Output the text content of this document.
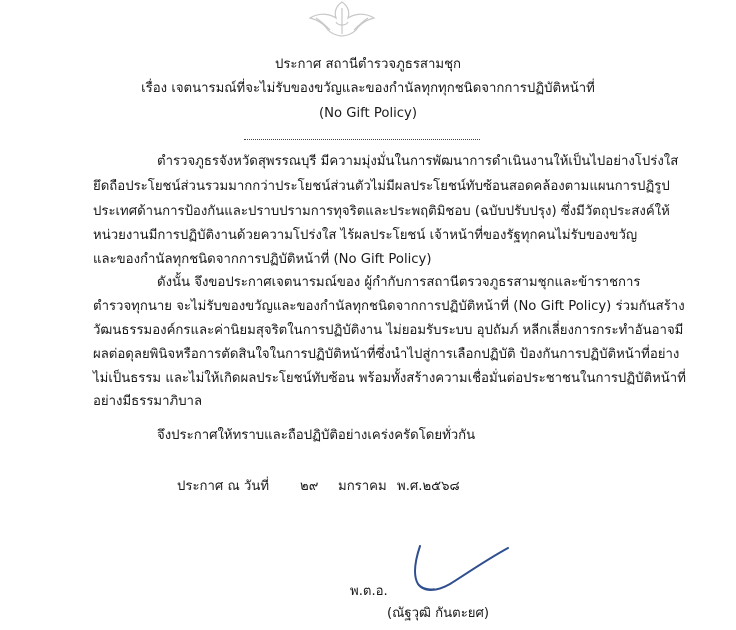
ประกาศ สถานีตำรวจภูธรสามชุก
เรื่อง เจตนารมณ์ที่จะไม่รับของขวัญและของกำนัลทุกทุกชนิดจากการปฏิบัติหน้าที่
(No Gift Policy)
ตำรวจภูธรจังหวัดสุพรรณบุรี มีความมุ่งมั่นในการพัฒนาการดำเนินงานให้เป็นไปอย่างโปร่งใส
ยึดถือประโยชน์ส่วนรวมมากกว่าประโยชน์ส่วนตัวไม่มีผลประโยชน์ทับซ้อนสอดคล้องตามแผนการปฏิรูป
ประเทศด้านการป้องกันและปราบปรามการทุจริตและประพฤติมิชอบ (ฉบับปรับปรุง) ซึ่งมีวัตถุประสงค์ให้
หน่วยงานมีการปฏิบัติงานด้วยความโปร่งใส ไร้ผลประโยชน์ เจ้าหน้าที่ของรัฐทุกคนไม่รับของขวัญ
และของกำนัลทุกชนิดจากการปฏิบัติหน้าที่ (No Gift Policy)
ดังนั้น จึงขอประกาศเจตนารมณ์ของ ผู้กำกับการสถานีตรวจภูธรสามชุกและข้าราชการ
ตำรวจทุกนาย จะไม่รับของขวัญและของกำนัลทุกชนิดจากการปฏิบัติหน้าที่ (No Gift Policy) ร่วมกันสร้าง
วัฒนธรรมองค์กรและค่านิยมสุจริตในการปฏิบัติงาน ไม่ยอมรับระบบ อุปถัมภ์ หลีกเลี่ยงการกระทำอันอาจมี
ผลต่อดุลยพินิจหรือการตัดสินใจในการปฏิบัติหน้าที่ซึ่งนำไปสู่การเลือกปฏิบัติ ป้องกันการปฏิบัติหน้าที่อย่าง
ไม่เป็นธรรม และไม่ให้เกิดผลประโยชน์ทับซ้อน พร้อมทั้งสร้างความเชื่อมั่นต่อประชาชนในการปฏิบัติหน้าที่
อย่างมีธรรมาภิบาล
จึงประกาศให้ทราบและถือปฏิบัติอย่างเคร่งครัดโดยทั่วกัน
ประกาศ ณ วันที่ ๒๙ มกราคม พ.ศ.๒๕๖๘
พ.ต.อ.
(ณัฐวุฒิ กันตะยศ)
